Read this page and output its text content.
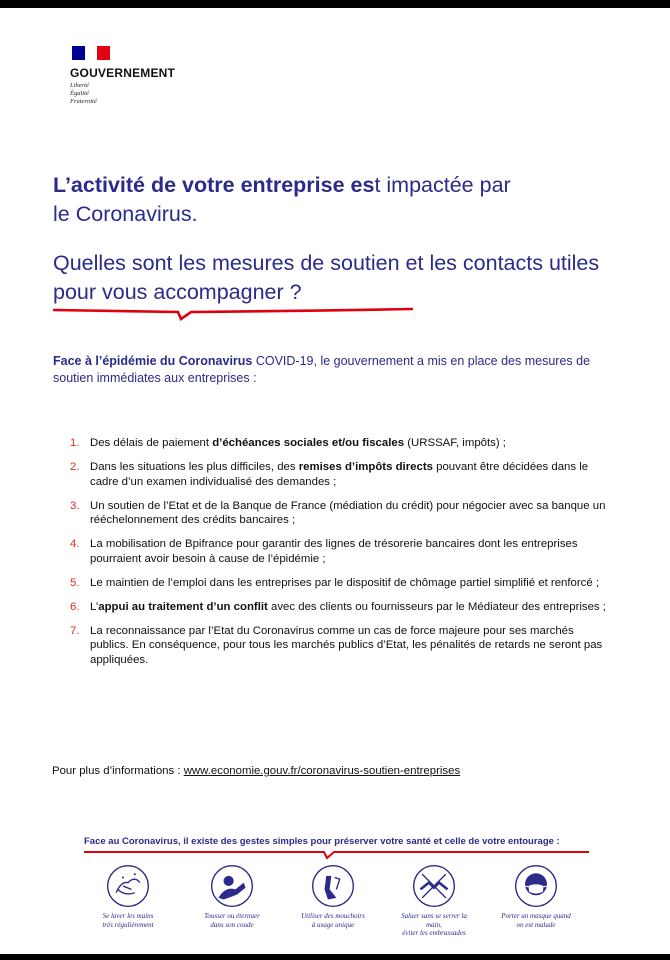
GOUVERNEMENT
Liberté
Égalité
Fraternité
L’activité de votre entreprise est impactée par
le Coronavirus.
Quelles sont les mesures de soutien et les contacts utiles pour vous accompagner ?
Face à l’épidémie du Coronavirus COVID-19, le gouvernement a mis en place des mesures de soutien immédiates aux entreprises :
1. Des délais de paiement d’échéances sociales et/ou fiscales (URSSAF, impôts) ;
2. Dans les situations les plus difficiles, des remises d’impôts directs pouvant être décidées dans le cadre d’un examen individualisé des demandes ;
3. Un soutien de l’Etat et de la Banque de France (médiation du crédit) pour négocier avec sa banque un rééchelonnement des crédits bancaires ;
4. La mobilisation de Bpifrance pour garantir des lignes de trésorerie bancaires dont les entreprises pourraient avoir besoin à cause de l’épidémie ;
5. Le maintien de l’emploi dans les entreprises par le dispositif de chômage partiel simplifié et renforcé ;
6. L’appui au traitement d’un conflit avec des clients ou fournisseurs par le Médiateur des entreprises ;
7. La reconnaissance par l’Etat du Coronavirus comme un cas de force majeure pour ses marchés publics. En conséquence, pour tous les marchés publics d’Etat, les pénalités de retards ne seront pas appliquées.
Pour plus d’informations : www.economie.gouv.fr/coronavirus-soutien-entreprises
Face au Coronavirus, il existe des gestes simples pour préserver votre santé et celle de votre entourage :
Se laver les mains
très régulièrement
Tousser ou éternuer
dans son coude
Utiliser des mouchoirs
à usage unique
Saluer sans se serrer la main,
éviter les embrassades
Porter un masque quand
on est malade
